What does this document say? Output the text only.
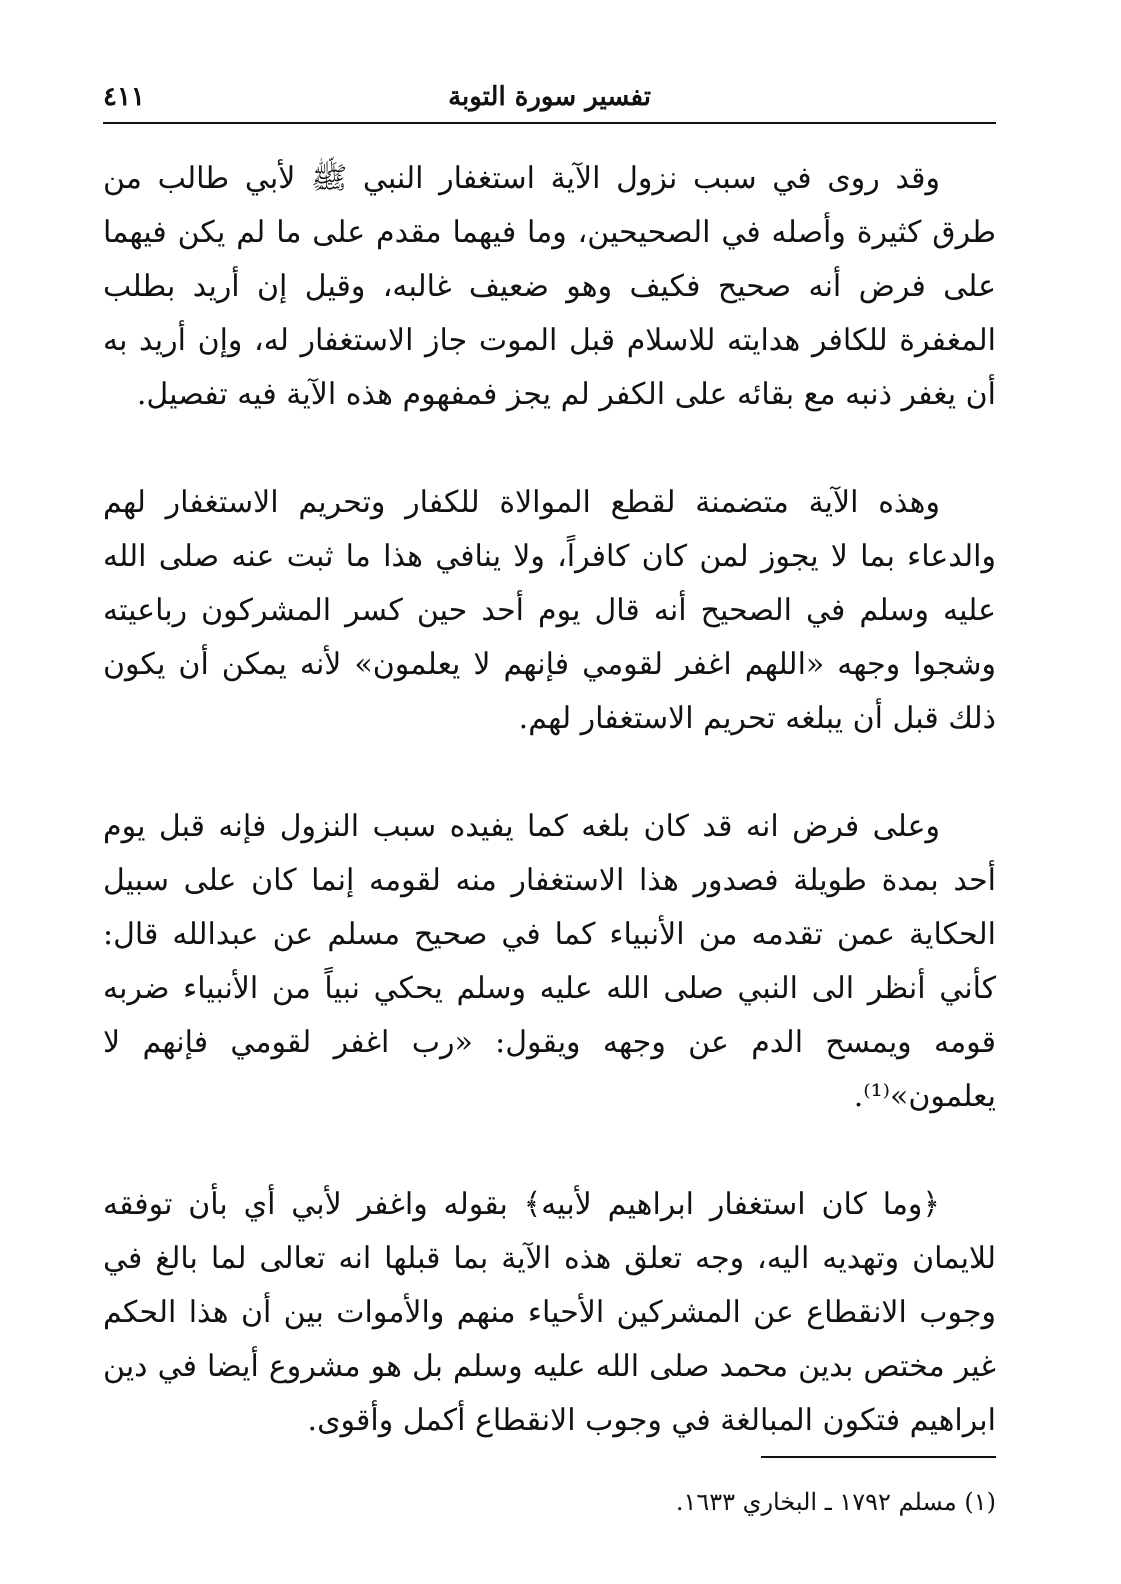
تفسير سورة التوبة
٤١١

وقد روى في سبب نزول الآية استغفار النبي ﷺ لأبي طالب من طرق كثيرة وأصله في الصحيحين، وما فيهما مقدم على ما لم يكن فيهما على فرض أنه صحيح فكيف وهو ضعيف غالبه، وقيل إن أريد بطلب المغفرة للكافر هدايته للاسلام قبل الموت جاز الاستغفار له، وإن أريد به أن يغفر ذنبه مع بقائه على الكفر لم يجز فمفهوم هذه الآية فيه تفصيل.

وهذه الآية متضمنة لقطع الموالاة للكفار وتحريم الاستغفار لهم والدعاء بما لا يجوز لمن كان كافراً، ولا ينافي هذا ما ثبت عنه صلى الله عليه وسلم في الصحيح أنه قال يوم أحد حين كسر المشركون رباعيته وشجوا وجهه «اللهم اغفر لقومي فإنهم لا يعلمون» لأنه يمكن أن يكون ذلك قبل أن يبلغه تحريم الاستغفار لهم.

وعلى فرض انه قد كان بلغه كما يفيده سبب النزول فإنه قبل يوم أحد بمدة طويلة فصدور هذا الاستغفار منه لقومه إنما كان على سبيل الحكاية عمن تقدمه من الأنبياء كما في صحيح مسلم عن عبدالله قال: كأني أنظر الى النبي صلى الله عليه وسلم يحكي نبياً من الأنبياء ضربه قومه ويمسح الدم عن وجهه ويقول: «رب اغفر لقومي فإنهم لا يعلمون»⁽¹⁾.

﴿وما كان استغفار ابراهيم لأبيه﴾ بقوله واغفر لأبي أي بأن توفقه للايمان وتهديه اليه، وجه تعلق هذه الآية بما قبلها انه تعالى لما بالغ في وجوب الانقطاع عن المشركين الأحياء منهم والأموات بين أن هذا الحكم غير مختص بدين محمد صلى الله عليه وسلم بل هو مشروع أيضا في دين ابراهيم فتكون المبالغة في وجوب الانقطاع أكمل وأقوى.

(١) مسلم ١٧٩٢ ـ البخاري ١٦٣٣.
